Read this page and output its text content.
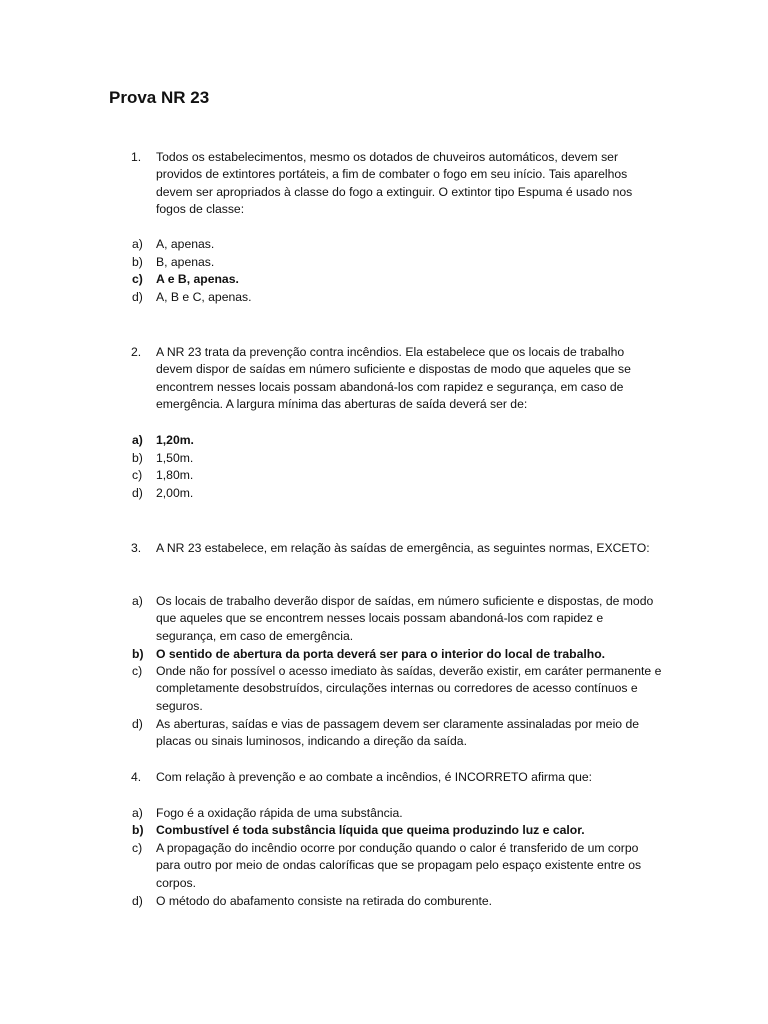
Prova NR 23
1.	Todos os estabelecimentos, mesmo os dotados de chuveiros automáticos, devem ser providos de extintores portáteis, a fim de combater o fogo em seu início. Tais aparelhos devem ser apropriados à classe do fogo a extinguir. O extintor tipo Espuma é usado nos fogos de classe:
a)	A, apenas.
b)	B, apenas.
c)	A e B, apenas.
d)	A, B e C, apenas.
2.	A NR 23 trata da prevenção contra incêndios. Ela estabelece que os locais de trabalho devem dispor de saídas em número suficiente e dispostas de modo que aqueles que se encontrem nesses locais possam abandoná-los com rapidez e segurança, em caso de emergência. A largura mínima das aberturas de saída deverá ser de:
a)	1,20m.
b)	1,50m.
c)	1,80m.
d)	2,00m.
3.	A NR 23 estabelece, em relação às saídas de emergência, as seguintes normas, EXCETO:
a)	Os locais de trabalho deverão dispor de saídas, em número suficiente e dispostas, de modo que aqueles que se encontrem nesses locais possam abandoná-los com rapidez e segurança, em caso de emergência.
b)	O sentido de abertura da porta deverá ser para o interior do local de trabalho.
c)	Onde não for possível o acesso imediato às saídas, deverão existir, em caráter permanente e completamente desobstruídos, circulações internas ou corredores de acesso contínuos e seguros.
d)	As aberturas, saídas e vias de passagem devem ser claramente assinaladas por meio de placas ou sinais luminosos, indicando a direção da saída.
4.	Com relação à prevenção e ao combate a incêndios, é INCORRETO afirma que:
a)	Fogo é a oxidação rápida de uma substância.
b)	Combustível é toda substância líquida que queima produzindo luz e calor.
c)	A propagação do incêndio ocorre por condução quando o calor é transferido de um corpo para outro por meio de ondas caloríficas que se propagam pelo espaço existente entre os corpos.
d)	O método do abafamento consiste na retirada do comburente.
